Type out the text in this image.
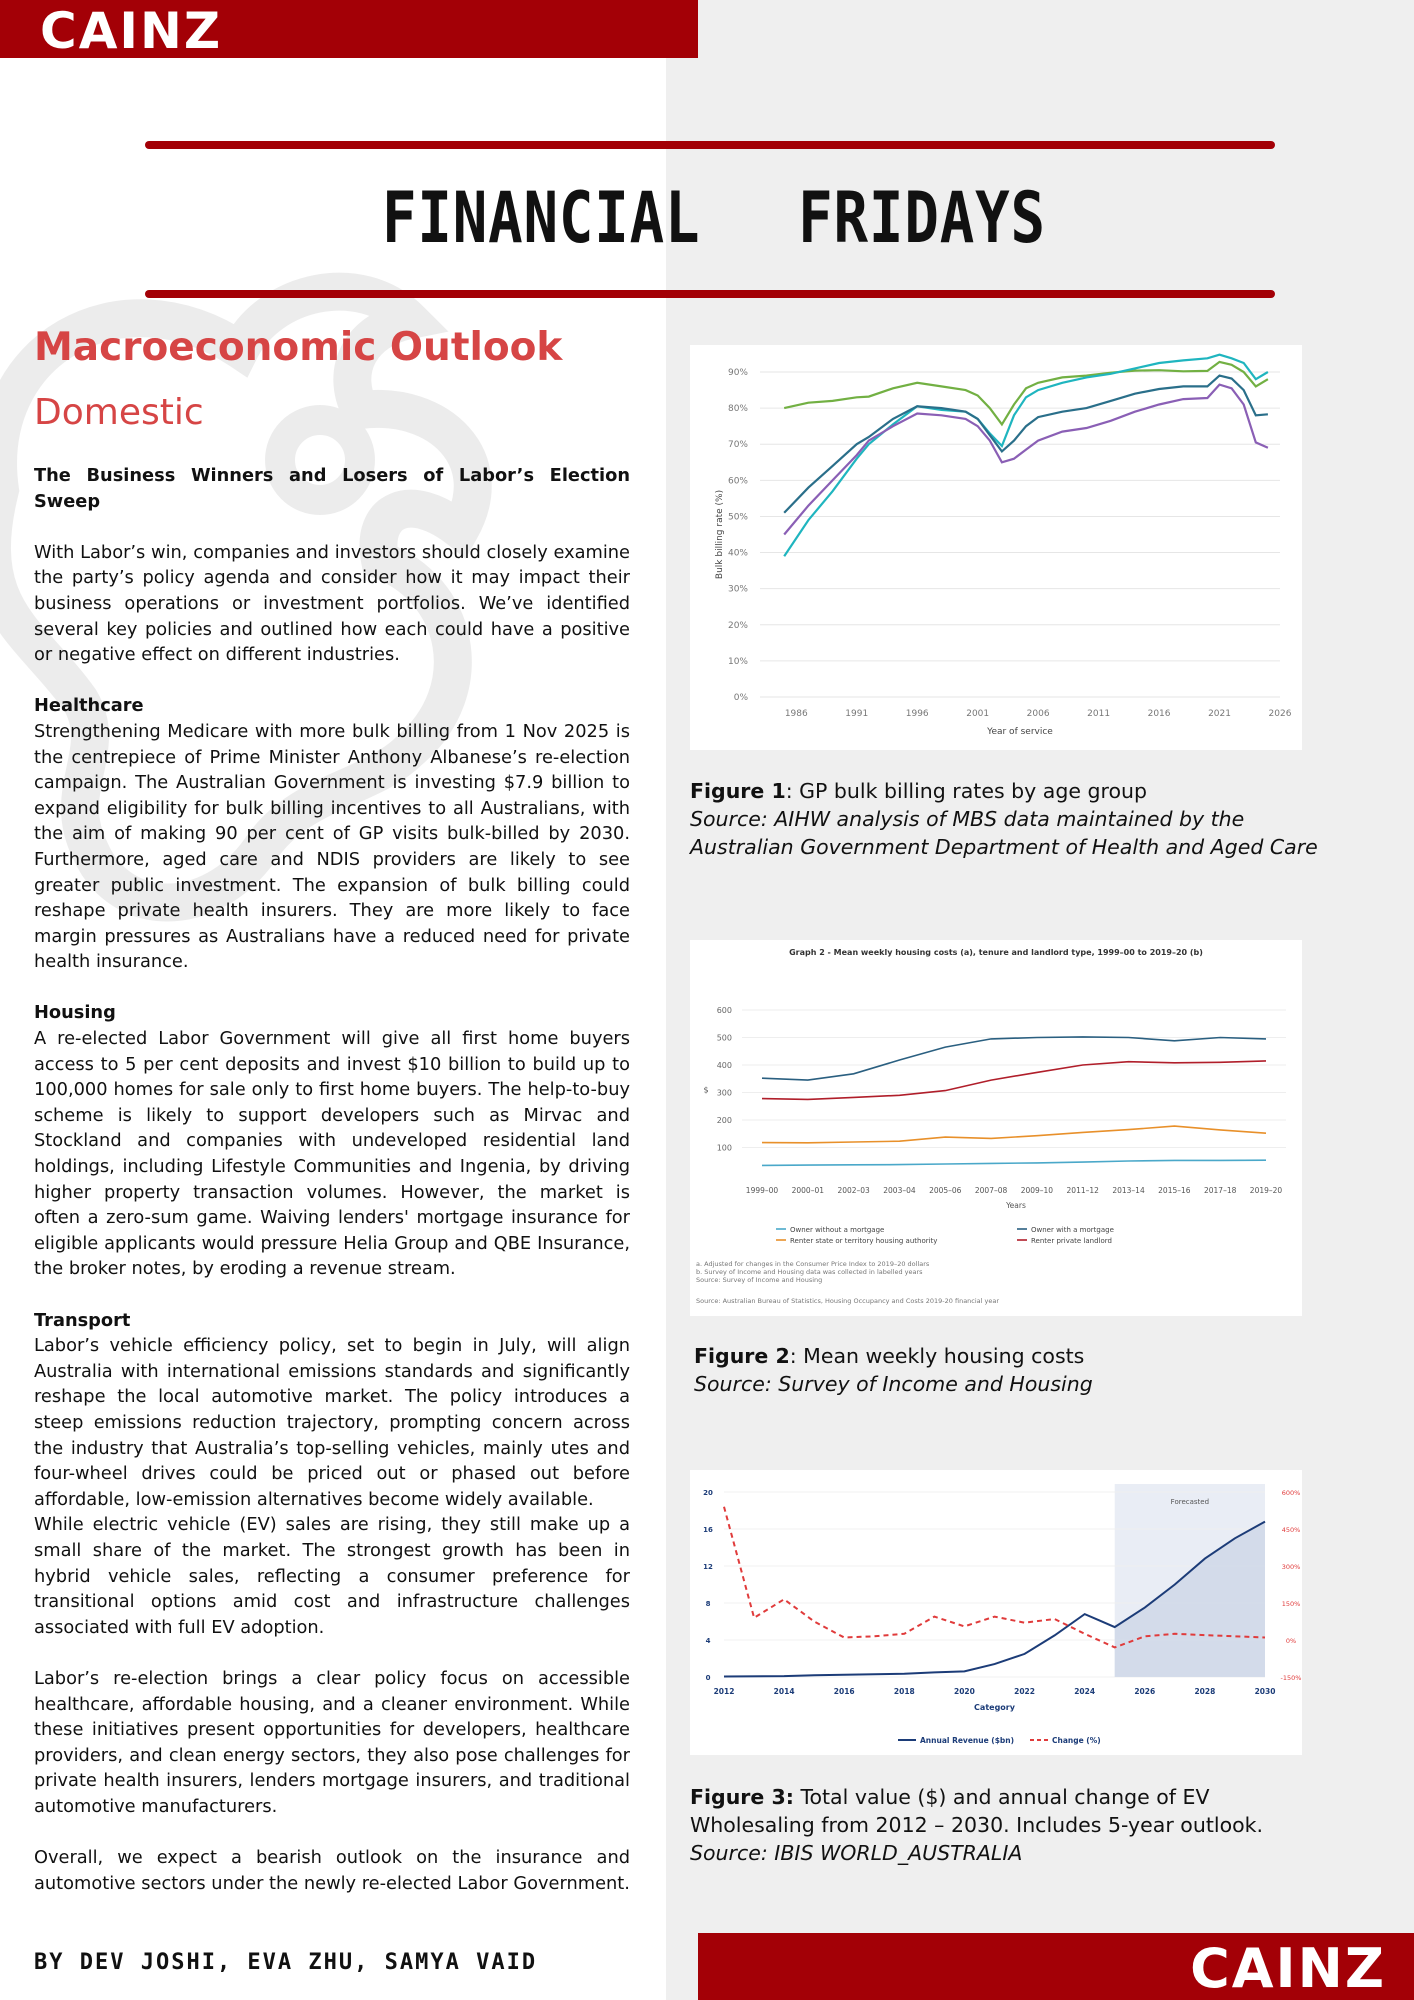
CAINZ
FINANCIAL FRIDAYS
Macroeconomic Outlook
Domestic

The Business Winners and Losers of Labor’s Election Sweep

With Labor’s win, companies and investors should closely examine the party’s policy agenda and consider how it may impact their business operations or investment portfolios. We’ve identified several key policies and outlined how each could have a positive or negative effect on different industries.

Healthcare

Strengthening Medicare with more bulk billing from 1 Nov 2025 is the centrepiece of Prime Minister Anthony Albanese’s re-election campaign. The Australian Government is investing $7.9 billion to expand eligibility for bulk billing incentives to all Australians, with the aim of making 90 per cent of GP visits bulk-billed by 2030. Furthermore, aged care and NDIS providers are likely to see greater public investment. The expansion of bulk billing could reshape private health insurers. They are more likely to face margin pressures as Australians have a reduced need for private health insurance.

Housing

A re-elected Labor Government will give all first home buyers access to 5 per cent deposits and invest $10 billion to build up to 100,000 homes for sale only to first home buyers. The help-to-buy scheme is likely to support developers such as Mirvac and Stockland and companies with undeveloped residential land holdings, including Lifestyle Communities and Ingenia, by driving higher property transaction volumes. However, the market is often a zero-sum game. Waiving lenders' mortgage insurance for eligible applicants would pressure Helia Group and QBE Insurance, the broker notes, by eroding a revenue stream.

Transport

Labor’s vehicle efficiency policy, set to begin in July, will align Australia with international emissions standards and significantly reshape the local automotive market. The policy introduces a steep emissions reduction trajectory, prompting concern across the industry that Australia’s top-selling vehicles, mainly utes and four-wheel drives could be priced out or phased out before affordable, low-emission alternatives become widely available.

While electric vehicle (EV) sales are rising, they still make up a small share of the market. The strongest growth has been in hybrid vehicle sales, reflecting a consumer preference for transitional options amid cost and infrastructure challenges associated with full EV adoption.

Labor’s re-election brings a clear policy focus on accessible healthcare, affordable housing, and a cleaner environment. While these initiatives present opportunities for developers, healthcare providers, and clean energy sectors, they also pose challenges for private health insurers, lenders mortgage insurers, and traditional automotive manufacturers.

Overall, we expect a bearish outlook on the insurance and automotive sectors under the newly re-elected Labor Government.

BY DEV JOSHI, EVA ZHU, SAMYA VAID	CAINZ
0%
10%
20%
30%
40%
50%
60%
70%
80%
90%
1986	1991	1996	2001	2006	2011	2016	2021	2026
Year of service
Bulk billing rate (%)
Figure 1: GP bulk billing rates by age group
Source: AIHW analysis of MBS data maintained by the Australian Government Department of Health and Aged Care
Graph 2 - Mean weekly housing costs (a), tenure and landlord type, 1999–00 to 2019–20 (b)
100
200
300
400
500
600
$
1999–00 2000–01 2002–03 2003–04 2005–06 2007–08 2009–10 2011–12 2013–14 2015–16 2017–18 2019–20
Years
Owner without a mortgage	Owner with a mortgage
Renter state or territory housing authority	Renter private landlord
a. Adjusted for changes in the Consumer Price Index to 2019–20 dollars
b. Survey of Income and Housing data was collected in labelled years
Source: Survey of Income and Housing
Source: Australian Bureau of Statistics, Housing Occupancy and Costs 2019-20 financial year
Figure 2: Mean weekly housing costs
Source: Survey of Income and Housing
Forecasted
0
4
8
12
16
20
-150%
0%
150%
300%
450%
600%
2012	2014	2016	2018	2020	2022	2024	2026	2028	2030
Category
Annual Revenue ($bn)	Change (%)
Figure 3: Total value ($) and annual change of EV Wholesaling from 2012 – 2030. Includes 5-year outlook.
Source: IBIS WORLD_AUSTRALIA
